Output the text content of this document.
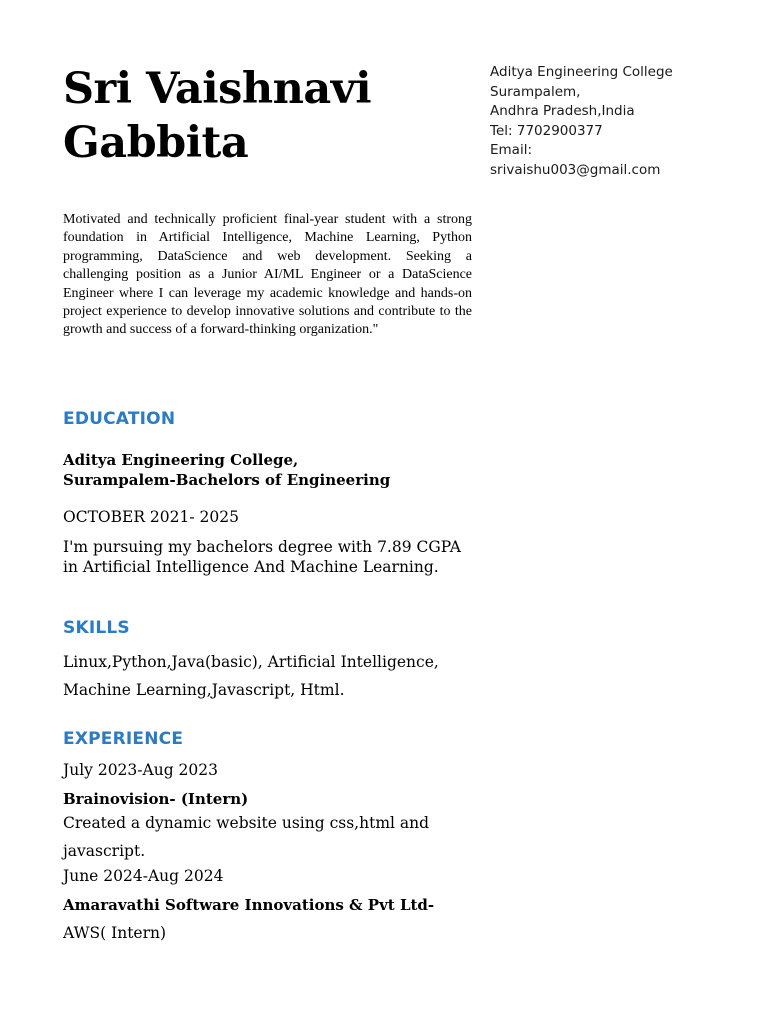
Sri Vaishnavi
Gabbita
Aditya Engineering College
Surampalem,
Andhra Pradesh,India
Tel: 7702900377
Email:
srivaishu003@gmail.com

Motivated and technically proficient final-year student with a strong foundation in Artificial Intelligence, Machine Learning, Python programming, DataScience and web development. Seeking a challenging position as a Junior AI/ML Engineer or a DataScience Engineer where I can leverage my academic knowledge and hands-on project experience to develop innovative solutions and contribute to the growth and success of a forward-thinking organization."

EDUCATION
Aditya Engineering College,
Surampalem-Bachelors of Engineering
OCTOBER 2021- 2025
I'm pursuing my bachelors degree with 7.89 CGPA
in Artificial Intelligence And Machine Learning.
SKILLS
Linux,Python,Java(basic), Artificial Intelligence,
Machine Learning,Javascript, Html.
EXPERIENCE
July 2023-Aug 2023
Brainovision- (Intern)
Created a dynamic website using css,html and
javascript.
June 2024-Aug 2024
Amaravathi Software Innovations & Pvt Ltd-
AWS( Intern)
